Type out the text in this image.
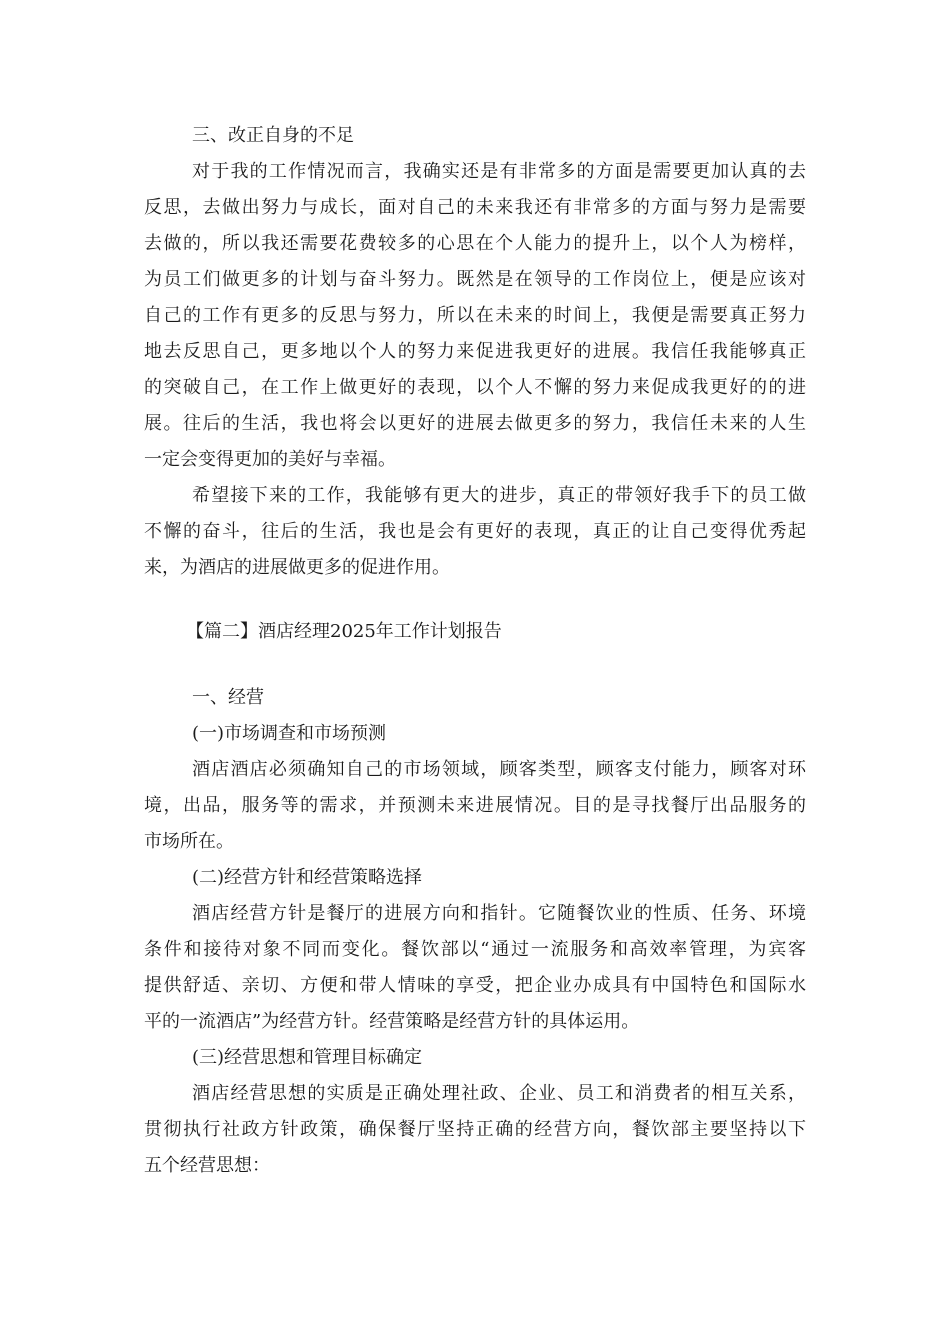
三、改正自身的不足
对于我的工作情况而言，我确实还是有非常多的方面是需要更加认真的去
反思，去做出努力与成长，面对自己的未来我还有非常多的方面与努力是需要
去做的，所以我还需要花费较多的心思在个人能力的提升上，以个人为榜样，
为员工们做更多的计划与奋斗努力。既然是在领导的工作岗位上，便是应该对
自己的工作有更多的反思与努力，所以在未来的时间上，我便是需要真正努力
地去反思自己，更多地以个人的努力来促进我更好的进展。我信任我能够真正
的突破自己，在工作上做更好的表现，以个人不懈的努力来促成我更好的的进
展。往后的生活，我也将会以更好的进展去做更多的努力，我信任未来的人生
一定会变得更加的美好与幸福。
希望接下来的工作，我能够有更大的进步，真正的带领好我手下的员工做
不懈的奋斗，往后的生活，我也是会有更好的表现，真正的让自己变得优秀起
来，为酒店的进展做更多的促进作用。
【篇二】酒店经理2025年工作计划报告
一、经营
(一)市场调查和市场预测
酒店酒店必须确知自己的市场领域，顾客类型，顾客支付能力，顾客对环
境，出品，服务等的需求，并预测未来进展情况。目的是寻找餐厅出品服务的
市场所在。
(二)经营方针和经营策略选择
酒店经营方针是餐厅的进展方向和指针。它随餐饮业的性质、任务、环境
条件和接待对象不同而变化。餐饮部以“通过一流服务和高效率管理，为宾客
提供舒适、亲切、方便和带人情味的享受，把企业办成具有中国特色和国际水
平的一流酒店”为经营方针。经营策略是经营方针的具体运用。
(三)经营思想和管理目标确定
酒店经营思想的实质是正确处理社政、企业、员工和消费者的相互关系，
贯彻执行社政方针政策，确保餐厅坚持正确的经营方向，餐饮部主要坚持以下
五个经营思想：
